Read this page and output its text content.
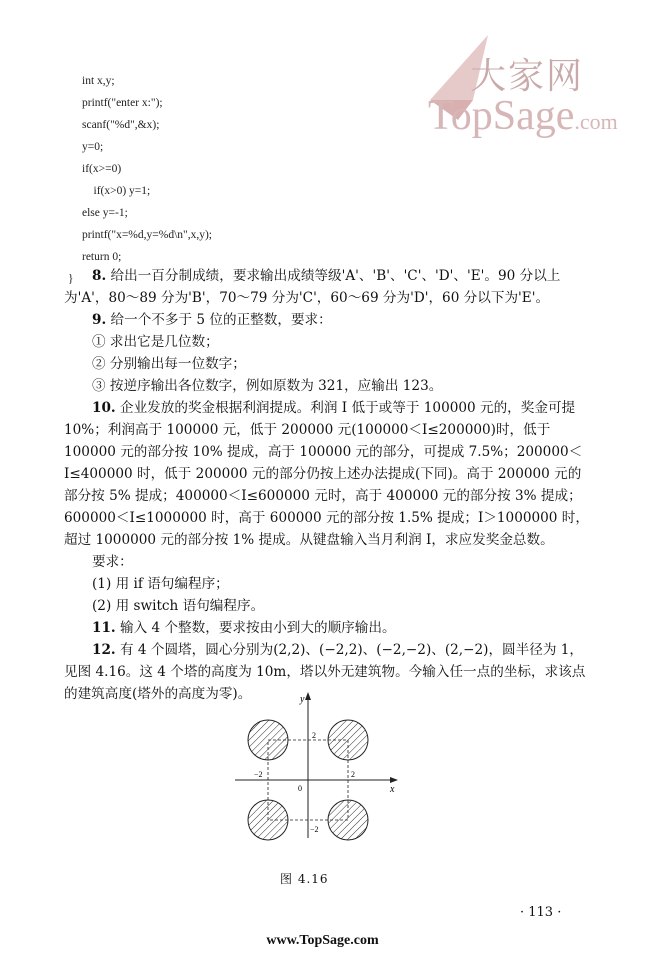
大家网
TopSage.com
int x,y;
printf("enter x:");
scanf("%d",&x);
y=0;
if(x>=0)
if(x>0) y=1;
else y=-1;
printf("x=%d,y=%d\n",x,y);
return 0;
}	8. 给出一百分制成绩，要求输出成绩等级'A'、'B'、'C'、'D'、'E'。90 分以上为'A'，80～89 分为'B'，70～79 分为'C'，60～69 分为'D'，60 分以下为'E'。

9. 给一个不多于 5 位的正整数，要求：

① 求出它是几位数；

② 分别输出每一位数字；

③ 按逆序输出各位数字，例如原数为 321，应输出 123。

10. 企业发放的奖金根据利润提成。利润 I 低于或等于 100000 元的，奖金可提 10%；利润高于 100000 元，低于 200000 元(100000＜I≤200000)时，低于 100000 元的部分按 10% 提成，高于 100000 元的部分，可提成 7.5%；200000＜I≤400000 时，低于 200000 元的部分仍按上述办法提成(下同)。高于 200000 元的部分按 5% 提成；400000＜I≤600000 元时，高于 400000 元的部分按 3% 提成；600000＜I≤1000000 时，高于 600000 元的部分按 1.5% 提成；I＞1000000 时，超过 1000000 元的部分按 1% 提成。从键盘输入当月利润 I，求应发奖金总数。

要求：

(1) 用 if 语句编程序；

(2) 用 switch 语句编程序。

11. 输入 4 个整数，要求按由小到大的顺序输出。

12. 有 4 个圆塔，圆心分别为(2,2)、(−2,2)、(−2,−2)、(2,−2)，圆半径为 1，见图 4.16。这 4 个塔的高度为 10m，塔以外无建筑物。今输入任一点的坐标，求该点的建筑高度(塔外的高度为零)。	y
x
0
2
−2
−2	2
图 4.16
· 113 ·
www.TopSage.com
